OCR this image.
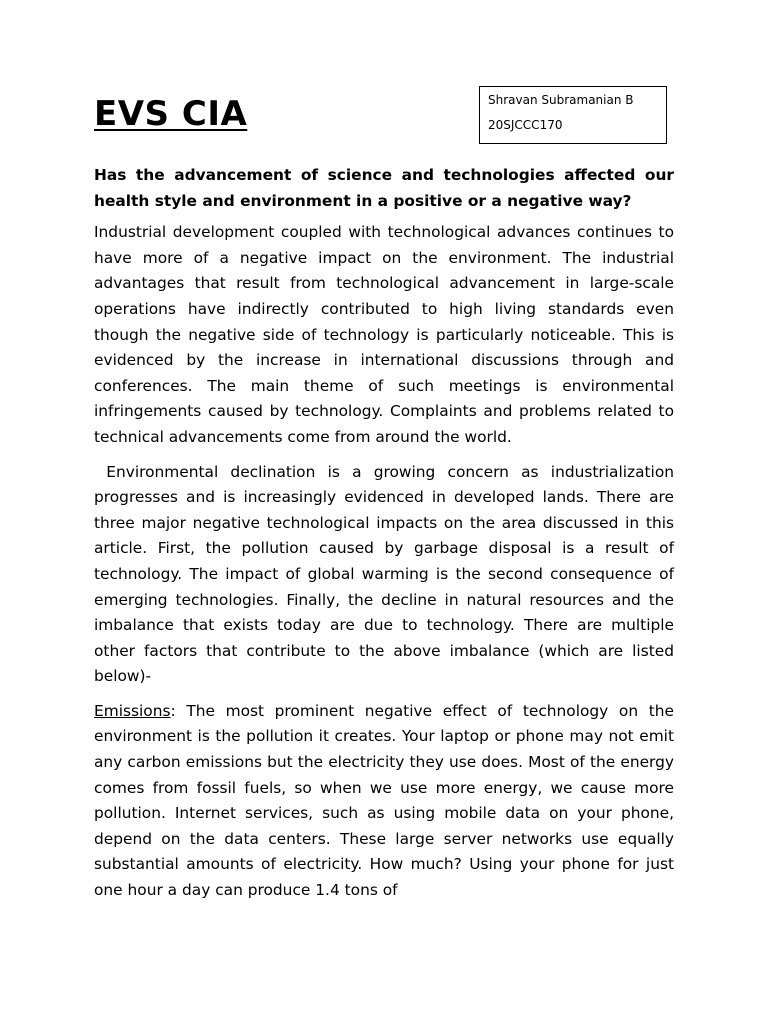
EVS CIA	Shravan Subramanian B
20SJCCC170

Has the advancement of science and technologies affected our health style and environment in a positive or a negative way?

Industrial development coupled with technological advances continues to have more of a negative impact on the environment. The industrial advantages that result from technological advancement in large-scale operations have indirectly contributed to high living standards even though the negative side of technology is particularly noticeable. This is evidenced by the increase in international discussions through and conferences. The main theme of such meetings is environmental infringements caused by technology. Complaints and problems related to technical advancements come from around the world.

Environmental declination is a growing concern as industrialization progresses and is increasingly evidenced in developed lands. There are three major negative technological impacts on the area discussed in this article. First, the pollution caused by garbage disposal is a result of technology. The impact of global warming is the second consequence of emerging technologies. Finally, the decline in natural resources and the imbalance that exists today are due to technology. There are multiple other factors that contribute to the above imbalance (which are listed below)-

Emissions: The most prominent negative effect of technology on the environment is the pollution it creates. Your laptop or phone may not emit any carbon emissions but the electricity they use does. Most of the energy comes from fossil fuels, so when we use more energy, we cause more pollution. Internet services, such as using mobile data on your phone, depend on the data centers. These large server networks use equally substantial amounts of electricity. How much? Using your phone for just one hour a day can produce 1.4 tons of
